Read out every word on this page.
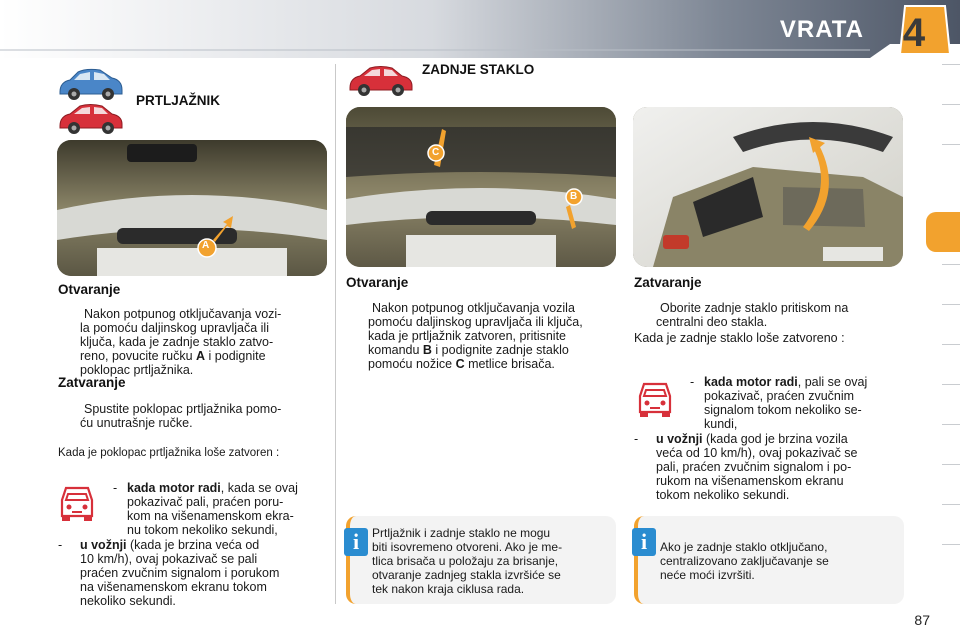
VRATA 4
PRTLJAŽNIK
A
Otvaranje
Nakon potpunog otključavanja vozi-
la pomoću daljinskog upravljača ili
ključa, kada je zadnje staklo zatvo-
reno, povucite ručku A i podignite
poklopac prtljažnika.
Zatvaranje
Spustite poklopac prtljažnika pomo-
ću unutrašnje ručke.
Kada je poklopac prtljažnika loše zatvoren :
- kada motor radi, kada se ovaj
pokazivač pali, praćen poru-
kom na višenamenskom ekra-
nu tokom nekoliko sekundi,
- u vožnji (kada je brzina veća od
10 km/h), ovaj pokazivač se pali
praćen zvučnim signalom i porukom
na višenamenskom ekranu tokom
nekoliko sekundi.
ZADNJE STAKLO
C
B
Otvaranje
Nakon potpunog otključavanja vozila
pomoću daljinskog upravljača ili ključa,
kada je prtljažnik zatvoren, pritisnite
komandu B i podignite zadnje staklo
pomoću nožice C metlice brisača.
i	Prtljažnik i zadnje staklo ne mogu
biti isovremeno otvoreni. Ako je me-
tlica brisača u položaju za brisanje,
otvaranje zadnjeg stakla izvršiće se
tek nakon kraja ciklusa rada.
Zatvaranje
Oborite zadnje staklo pritiskom na
centralni deo stakla.
Kada je zadnje staklo loše zatvoreno :
- kada motor radi, pali se ovaj
pokazivač, praćen zvučnim
signalom tokom nekoliko se-
kundi,
- u vožnji (kada god je brzina vozila
veća od 10 km/h), ovaj pokazivač se
pali, praćen zvučnim signalom i po-
rukom na višenamenskom ekranu
tokom nekoliko sekundi.
i	Ako je zadnje staklo otključano,
centralizovano zaključavanje se
neće moći izvršiti.
87
